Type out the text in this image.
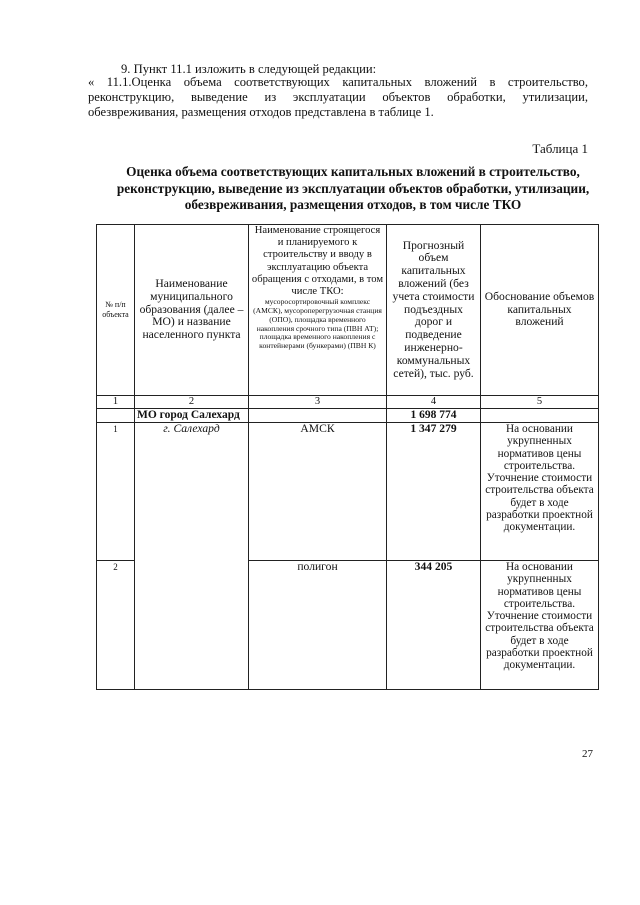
9. Пункт 11.1 изложить в следующей редакции:

« 11.1.Оценка объема соответствующих капитальных вложений в строительство, реконструкцию, выведение из эксплуатации объектов обработки, утилизации, обезвреживания, размещения отходов представлена в таблице 1.

Таблица 1

Оценка объема соответствующих капитальных вложений в строительство, реконструкцию, выведение из эксплуатации объектов обработки, утилизации, обезвреживания, размещения отходов, в том числе ТКО
№ п/п объекта	Наименование муниципального образования (далее – МО) и название населенного пункта	Наименование строящегося и планируемого к строительству и вводу в эксплуатацию объекта обращения с отходами, в том числе ТКО:
мусоросортировочный комплекс (АМСК), мусороперегрузочная станция (ОПО), площадка временного накопления срочного типа (ПВН АТ); площадка временного накопления с контейнерами (бункерами) (ПВН К)	Прогнозный объем капитальных вложений (без учета стоимости подъездных дорог и подведение инженерно-коммунальных сетей), тыс. руб.	Обоснование объемов капитальных вложений
1	2	3	4	5
	МО город Салехард		1 698 774	
1	г. Салехард	АМСК	1 347 279	На основании укрупненных нормативов цены строительства. Уточнение стоимости строительства объекта будет в ходе разработки проектной документации.
2		полигон	344 205	На основании укрупненных нормативов цены строительства. Уточнение стоимости строительства объекта будет в ходе разработки проектной документации.

27
